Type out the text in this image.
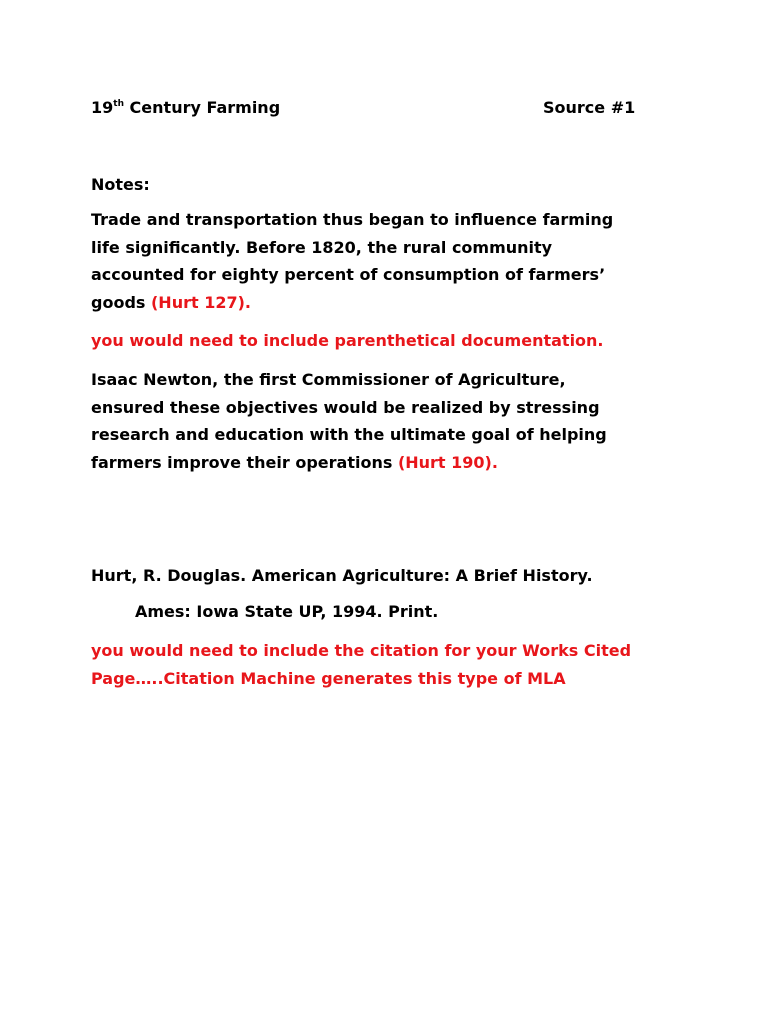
19th Century Farming	Source #1
Notes:
Trade and transportation thus began to influence farming
life significantly. Before 1820, the rural community
accounted for eighty percent of consumption of farmers’
goods (Hurt 127).
you would need to include parenthetical documentation.
Isaac Newton, the first Commissioner of Agriculture,
ensured these objectives would be realized by stressing
research and education with the ultimate goal of helping
farmers improve their operations (Hurt 190).
Hurt, R. Douglas. American Agriculture: A Brief History.
Ames: Iowa State UP, 1994. Print.
you would need to include the citation for your Works Cited
Page…..Citation Machine generates this type of MLA
